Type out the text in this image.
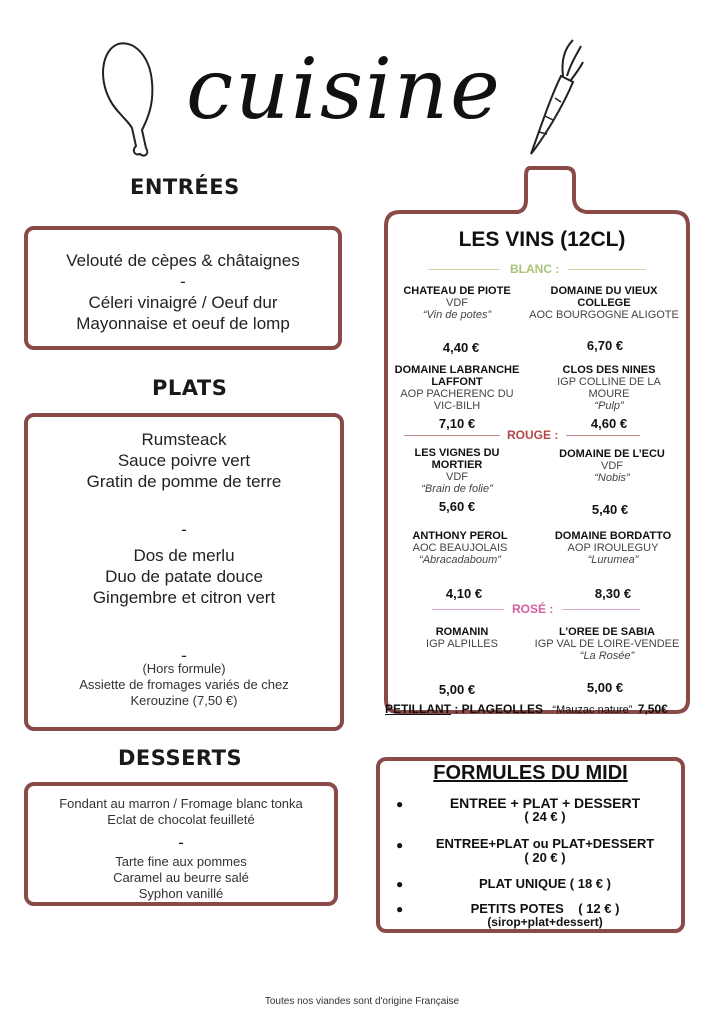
cuisine
ENTRÉES
Velouté de cèpes & châtaignes
-
Céleri vinaigré / Oeuf dur
Mayonnaise et oeuf de lomp
PLATS
Rumsteack
Sauce poivre vert
Gratin de pomme de terre
-
Dos de merlu
Duo de patate douce
Gingembre et citron vert
-
(Hors formule)
Assiette de fromages variés de chez
Kerouzine (7,50 €)
DESSERTS
Fondant au marron / Fromage blanc tonka
Eclat de chocolat feuilleté
-
Tarte fine aux pommes
Caramel au beurre salé
Syphon vanillé
LES VINS (12CL)
BLANC :
CHATEAU DE PIOTE
VDF
“Vin de potes”
4,40 €
DOMAINE DU VIEUX
COLLEGE
AOC BOURGOGNE ALIGOTE
6,70 €
DOMAINE LABRANCHE
LAFFONT
AOP PACHERENC DU
VIC-BILH
7,10 €
CLOS DES NINES
IGP COLLINE DE LA
MOURE
“Pulp”
4,60 €
ROUGE :
LES VIGNES DU
MORTIER
VDF
“Brain de folie”
5,60 €
DOMAINE DE L’ECU
VDF
“Nobis”
5,40 €
ANTHONY PEROL
AOC BEAUJOLAIS
“Abracadaboum”
4,10 €
DOMAINE BORDATTO
AOP IROULEGUY
“Lurumea”
8,30 €
ROSÉ :
ROMANIN
IGP ALPILLES
5,00 €
L’OREE DE SABIA
IGP VAL DE LOIRE-VENDEE
“La Rosée”
5,00 €
PETILLANT : PLAGEOLLES “Mauzac nature” 7,50€
FORMULES DU MIDI
●	ENTREE + PLAT + DESSERT
( 24 € )
●	ENTREE+PLAT ou PLAT+DESSERT
( 20 € )
●	PLAT UNIQUE ( 18 € )
●	PETITS POTES    ( 12 € )
(sirop+plat+dessert)
Toutes nos viandes sont d'origine Française
